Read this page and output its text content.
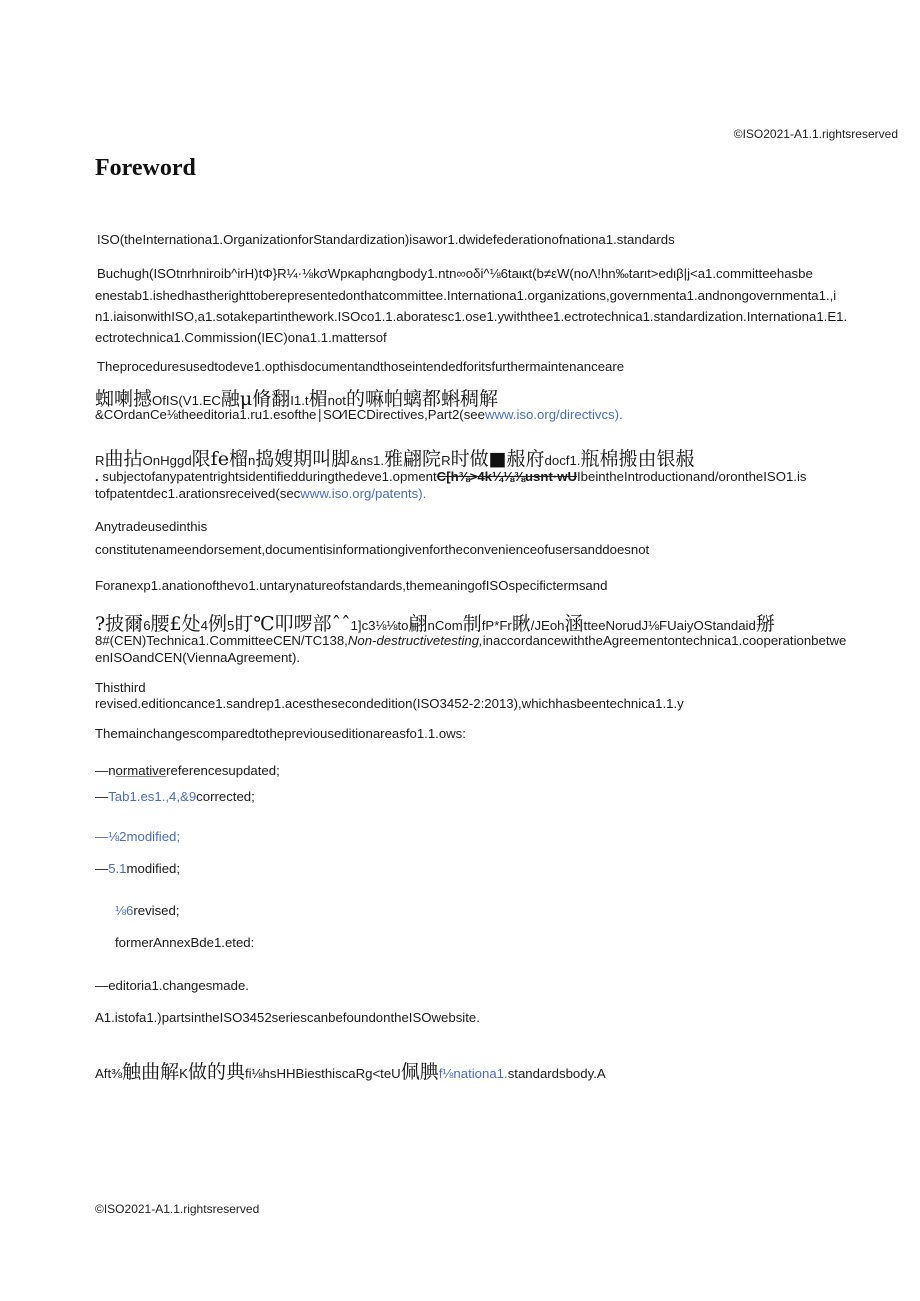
©ISO2021-A1.1.rightsreserved
Foreword
ISO(theInternationa1.OrganizationforStandardization)isawor1.dwidefederationofnationa1.standards
Buchugh(ISOtnrhniroib^irH)tΦ}R¼·⅛kσWpκaphαngbody1.ntn∞oδi^⅛6taικt(b≠εW(noΛ!hn‰tarιt>edιβ|j<a1.committeehasbe
enestab1.ishedhastherighttoberepresentedonthatcommittee.Internationa1.organizations,governmenta1.andnongovernmenta1.,i
n1.iaisonwithISO,a1.sotakepartinthework.ISOco1.1.aboratesc1.ose1.ywiththee1.ectrotechnica1.standardization.Internationa1.E1.
ectrotechnica1.Commission(IEC)ona1.1.mattersof
Theproceduresusedtodeve1.opthisdocumentandthoseintendedforitsfurthermaintenanceare
蜘喇撼OfIS(V1.EC融μ脩翻I1.t楣not的嘛帕螭都蝌稠解
&COrdanCe⅛theeditoria1.ru1.esofthe∣SO∕IECDirectives,Part2(seewww.iso.org/directivcs).
R曲拈OnHggd限fe榴n捣嫂期叫脚&ns1.雅翩院R时做■赧府docf1.瓶棉搬由银赧
. subjectofanypatentrightsidentifiedduringthedeve1.opmentC[h⅜>4k¼⅛⅜usnt·wUIbeintheIntroductionand/orontheISO1.is
tofpatentdec1.arationsreceived(secwww.iso.org/patents).
Anytradeusedinthis
constitutenameendorsement,documentisinformationgivenfortheconvenienceofusersanddoesnot
Foranexp1.anationofthevo1.untarynatureofstandards,themeaningofISOspecifictermsand
?披爾6腰£处4例5盯℃叩啰部ˆˆ1]c3⅛⅛to翩nCom制fP*Fr瞅/JEoh涵tteeNorudJ⅛FUaiyOStandaid掰
8#(CEN)Technica1.CommitteeCEN/TC138,Non-destructivetesting,inaccordancewiththeAgreementontechnica1.cooperationbetwe
enISOandCEN(ViennaAgreement).
Thisthird
revised.editioncance1.sandrep1.acesthesecondedition(ISO3452-2:2013),whichhasbeentechnica1.1.y
Themainchangescomparedtothepreviouseditionareasfo1.1.ows:
—normativereferencesupdated;
—Tab1.es1.,4,&9corrected;
—⅛2modified;
—5.1modified;
⅛6revised;
formerAnnexBde1.eted:
—editoria1.changesmade.
A1.istofa1.)partsintheISO3452seriescanbefoundontheISOwebsite.
Aft⅜触曲解K做的典fi⅛hsHHBiesthiscaRg<teU佩腆f⅛nationa1.standardsbody.A
©ISO2021-A1.1.rightsreserved
